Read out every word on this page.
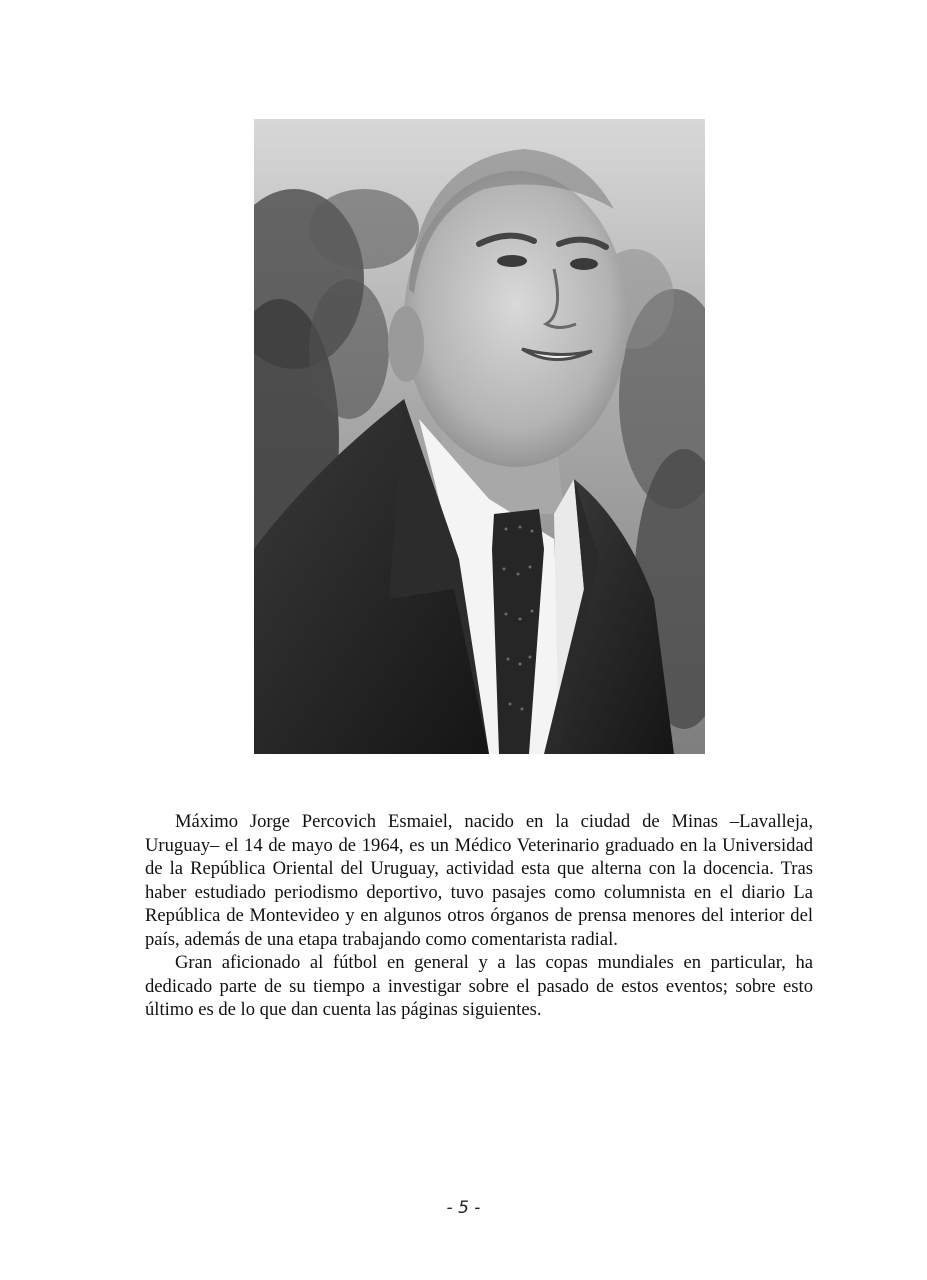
Máximo Jorge Percovich Esmaiel, nacido en la ciudad de Minas –Lavalleja, Uruguay– el 14 de mayo de 1964, es un Médico Veterinario graduado en la Universidad de la República Oriental del Uruguay, actividad esta que alterna con la docencia. Tras haber estudiado periodismo deportivo, tuvo pasajes como columnista en el diario La República de Montevideo y en algunos otros órganos de prensa menores del interior del país, además de una etapa trabajando como comentarista radial.

Gran aficionado al fútbol en general y a las copas mundiales en particular, ha dedicado parte de su tiempo a investigar sobre el pasado de estos eventos; sobre esto último es de lo que dan cuenta las páginas siguientes.

- 5 -
